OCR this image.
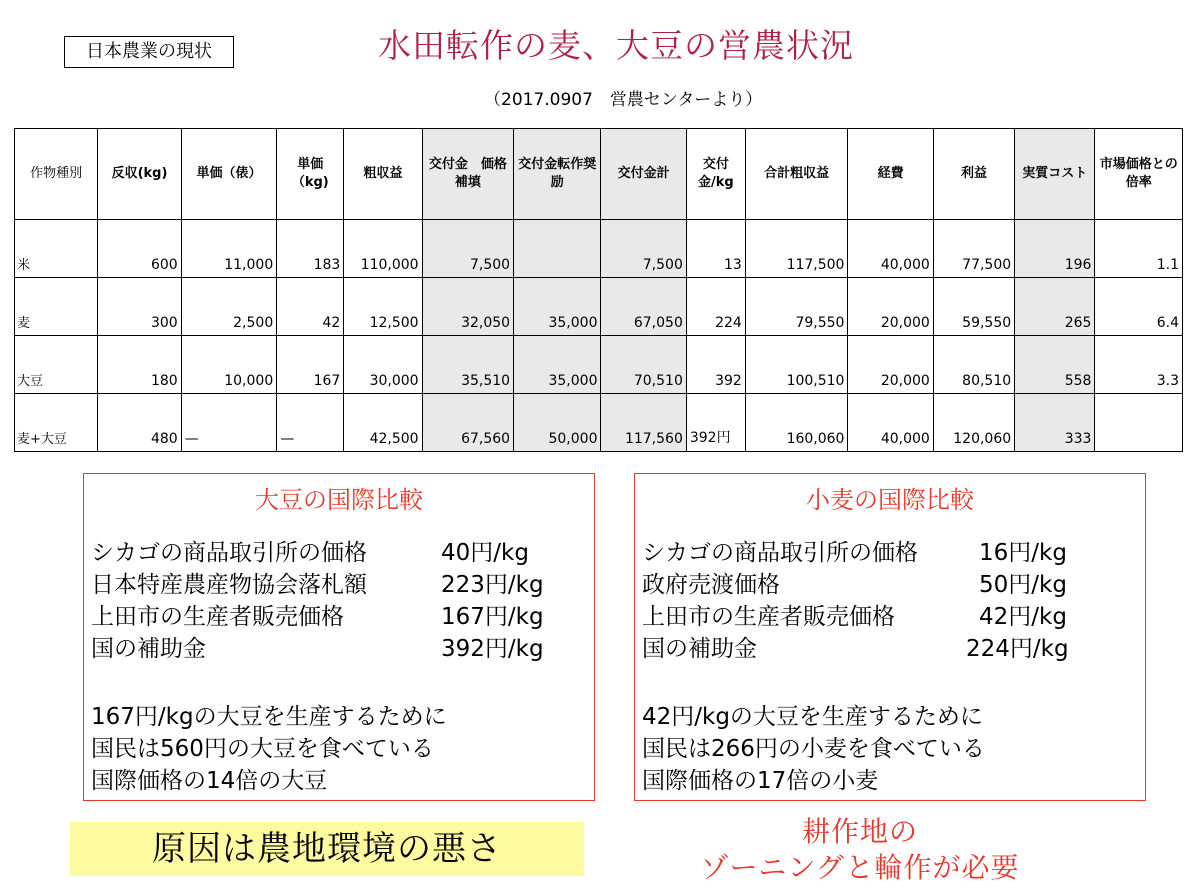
日本農業の現状	水田転作の麦、大豆の営農状況
（2017.0907　営農センターより）
作物種別	反収(kg)	単価（俵）	単価（kg)	粗収益	交付金　価格補填	交付金転作奨励	交付金計	交付金/kg	合計粗収益	経費	利益	実質コスト	市場価格との倍率
米	600	11,000	183	110,000	7,500		7,500	13	117,500	40,000	77,500	196	1.1
麦	300	2,500	42	12,500	32,050	35,000	67,050	224	79,550	20,000	59,550	265	6.4
大豆	180	10,000	167	30,000	35,510	35,000	70,510	392	100,510	20,000	80,510	558	3.3
麦+大豆	480	—	—	42,500	67,560	50,000	117,560	392円	160,060	40,000	120,060	333	
大豆の国際比較
シカゴの商品取引所の価格	40円/kg
日本特産農産物協会落札額	223円/kg
上田市の生産者販売価格	167円/kg
国の補助金	392円/kg
167円/kgの大豆を生産するために
国民は560円の大豆を食べている
国際価格の14倍の大豆
小麦の国際比較
シカゴの商品取引所の価格	16円/kg
政府売渡価格	50円/kg
上田市の生産者販売価格	42円/kg
国の補助金	224円/kg
42円/kgの大豆を生産するために
国民は266円の小麦を食べている
国際価格の17倍の小麦
原因は農地環境の悪さ	耕作地の
ゾーニングと輪作が必要
